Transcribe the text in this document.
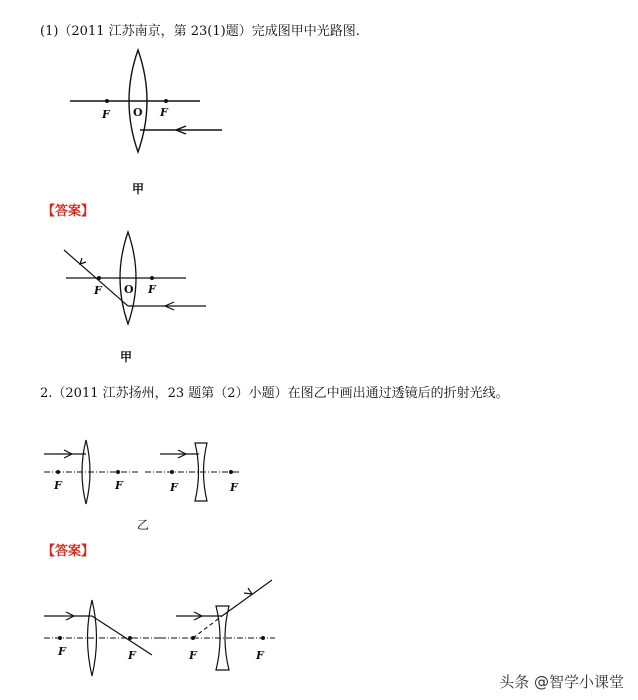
(1)（2011 江苏南京，第 23(1)题）完成图甲中光路图.
F O F
F O F
F	F	F	F
F	F	F	F
甲
【答案】
甲
2.（2011 江苏扬州，23 题第（2）小题）在图乙中画出通过透镜后的折射光线。
乙
【答案】
头条 @智学小课堂
